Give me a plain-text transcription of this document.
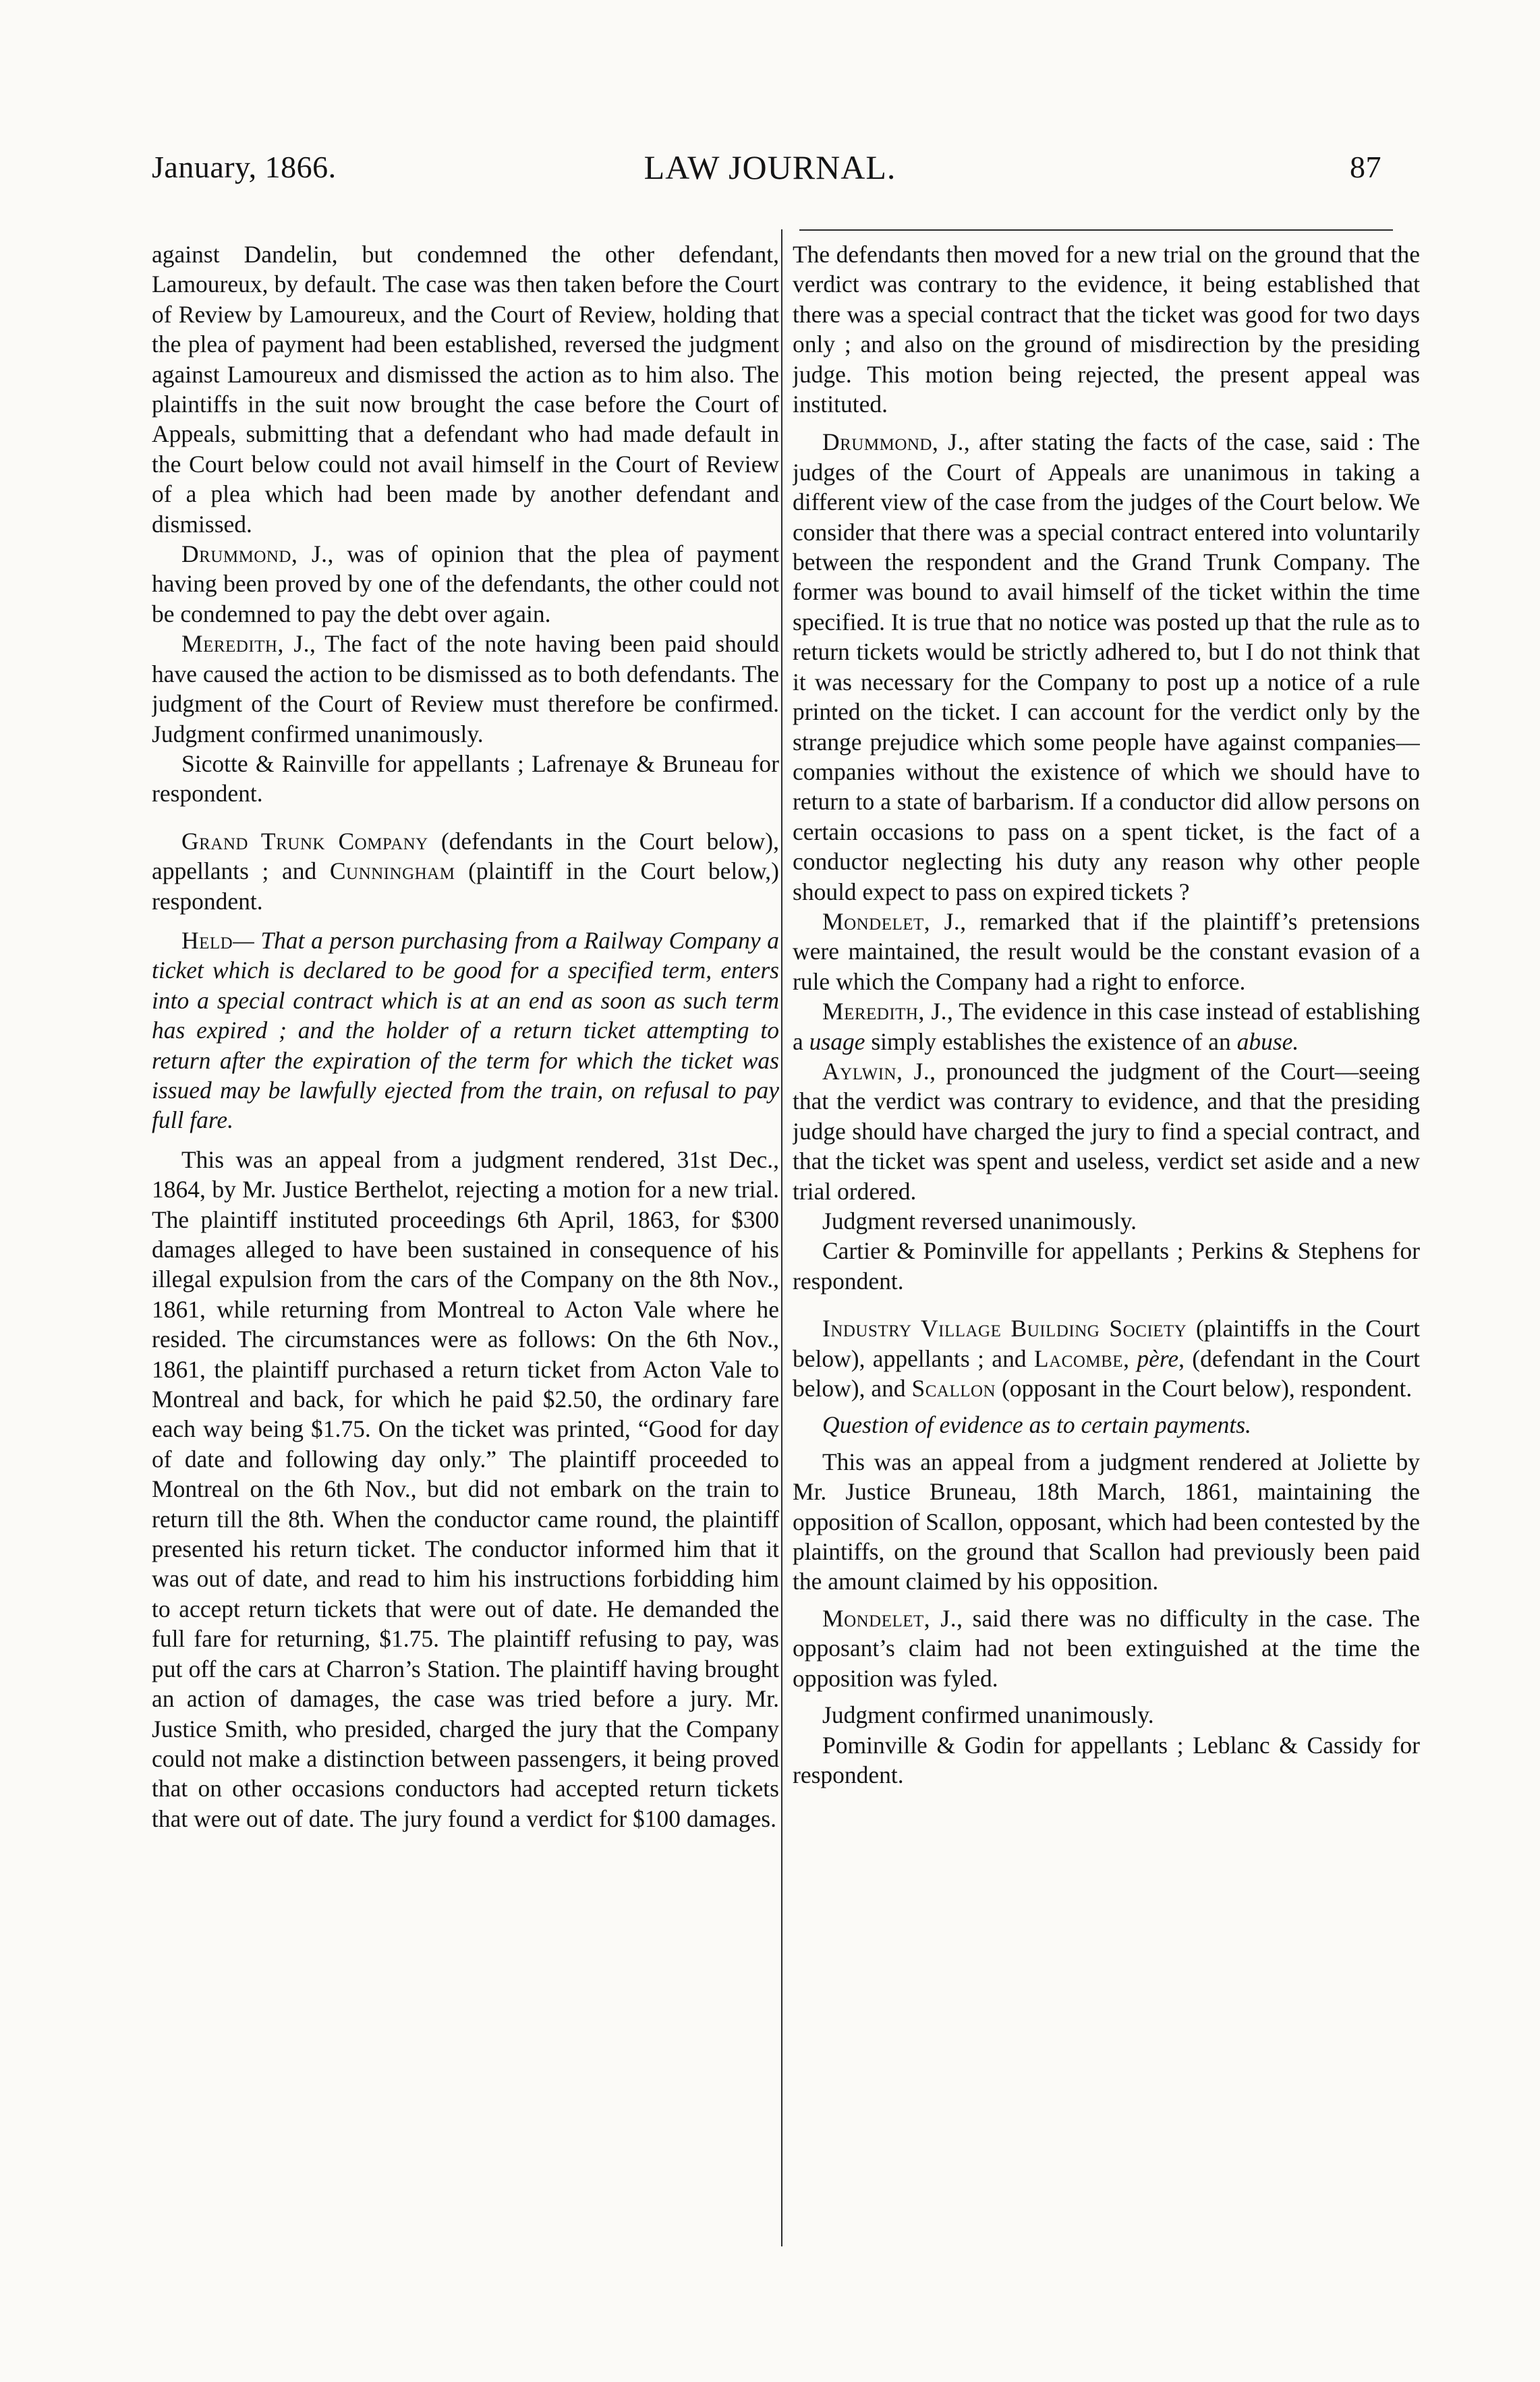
January, 1866.	LAW JOURNAL.	87

against Dandelin, but condemned the other defendant, Lamoureux, by default. The case was then taken before the Court of Review by Lamoureux, and the Court of Review, holding that the plea of payment had been established, reversed the judgment against Lamoureux and dismissed the action as to him also. The plaintiffs in the suit now brought the case before the Court of Appeals, submitting that a defendant who had made default in the Court below could not avail himself in the Court of Review of a plea which had been made by another defendant and dismissed.

Drummond, J., was of opinion that the plea of payment having been proved by one of the defendants, the other could not be condemned to pay the debt over again.

Meredith, J., The fact of the note having been paid should have caused the action to be dismissed as to both defendants. The judgment of the Court of Review must therefore be confirmed. Judgment confirmed unanimously.

Sicotte & Rainville for appellants ; Lafrenaye & Bruneau for respondent.

Grand Trunk Company (defendants in the Court below), appellants ; and Cunningham (plaintiff in the Court below,) respondent.

Held— That a person purchasing from a Railway Company a ticket which is declared to be good for a specified term, enters into a special contract which is at an end as soon as such term has expired ; and the holder of a return ticket attempting to return after the expiration of the term for which the ticket was issued may be lawfully ejected from the train, on refusal to pay full fare.

This was an appeal from a judgment rendered, 31st Dec., 1864, by Mr. Justice Berthelot, rejecting a motion for a new trial. The plaintiff instituted proceedings 6th April, 1863, for $300 damages alleged to have been sustained in consequence of his illegal expulsion from the cars of the Company on the 8th Nov., 1861, while returning from Montreal to Acton Vale where he resided. The circumstances were as follows: On the 6th Nov., 1861, the plaintiff purchased a return ticket from Acton Vale to Montreal and back, for which he paid $2.50, the ordinary fare each way being $1.75. On the ticket was printed, “Good for day of date and following day only.” The plaintiff proceeded to Montreal on the 6th Nov., but did not embark on the train to return till the 8th. When the conductor came round, the plaintiff presented his return ticket. The conductor informed him that it was out of date, and read to him his instructions forbidding him to accept return tickets that were out of date. He demanded the full fare for returning, $1.75. The plaintiff refusing to pay, was put off the cars at Charron’s Station. The plaintiff having brought an action of damages, the case was tried before a jury. Mr. Justice Smith, who presided, charged the jury that the Company could not make a distinction between passengers, it being proved that on other occasions conductors had accepted return tickets that were out of date. The jury found a verdict for $100 damages.

The defendants then moved for a new trial on the ground that the verdict was contrary to the evidence, it being established that there was a special contract that the ticket was good for two days only ; and also on the ground of misdirection by the presiding judge. This motion being rejected, the present appeal was instituted.

Drummond, J., after stating the facts of the case, said : The judges of the Court of Appeals are unanimous in taking a different view of the case from the judges of the Court below. We consider that there was a special contract entered into voluntarily between the respondent and the Grand Trunk Company. The former was bound to avail himself of the ticket within the time specified. It is true that no notice was posted up that the rule as to return tickets would be strictly adhered to, but I do not think that it was necessary for the Company to post up a notice of a rule printed on the ticket. I can account for the verdict only by the strange prejudice which some people have against companies—companies without the existence of which we should have to return to a state of barbarism. If a conductor did allow persons on certain occasions to pass on a spent ticket, is the fact of a conductor neglecting his duty any reason why other people should expect to pass on expired tickets ?

Mondelet, J., remarked that if the plaintiff’s pretensions were maintained, the result would be the constant evasion of a rule which the Company had a right to enforce.

Meredith, J., The evidence in this case instead of establishing a usage simply establishes the existence of an abuse.

Aylwin, J., pronounced the judgment of the Court—seeing that the verdict was contrary to evidence, and that the presiding judge should have charged the jury to find a special contract, and that the ticket was spent and useless, verdict set aside and a new trial ordered.

Judgment reversed unanimously.

Cartier & Pominville for appellants ; Perkins & Stephens for respondent.

Industry Village Building Society (plaintiffs in the Court below), appellants ; and Lacombe, père, (defendant in the Court below), and Scallon (opposant in the Court below), respondent.

Question of evidence as to certain payments.

This was an appeal from a judgment rendered at Joliette by Mr. Justice Bruneau, 18th March, 1861, maintaining the opposition of Scallon, opposant, which had been contested by the plaintiffs, on the ground that Scallon had previously been paid the amount claimed by his opposition.

Mondelet, J., said there was no difficulty in the case. The opposant’s claim had not been extinguished at the time the opposition was fyled.

Judgment confirmed unanimously.

Pominville & Godin for appellants ; Leblanc & Cassidy for respondent.
